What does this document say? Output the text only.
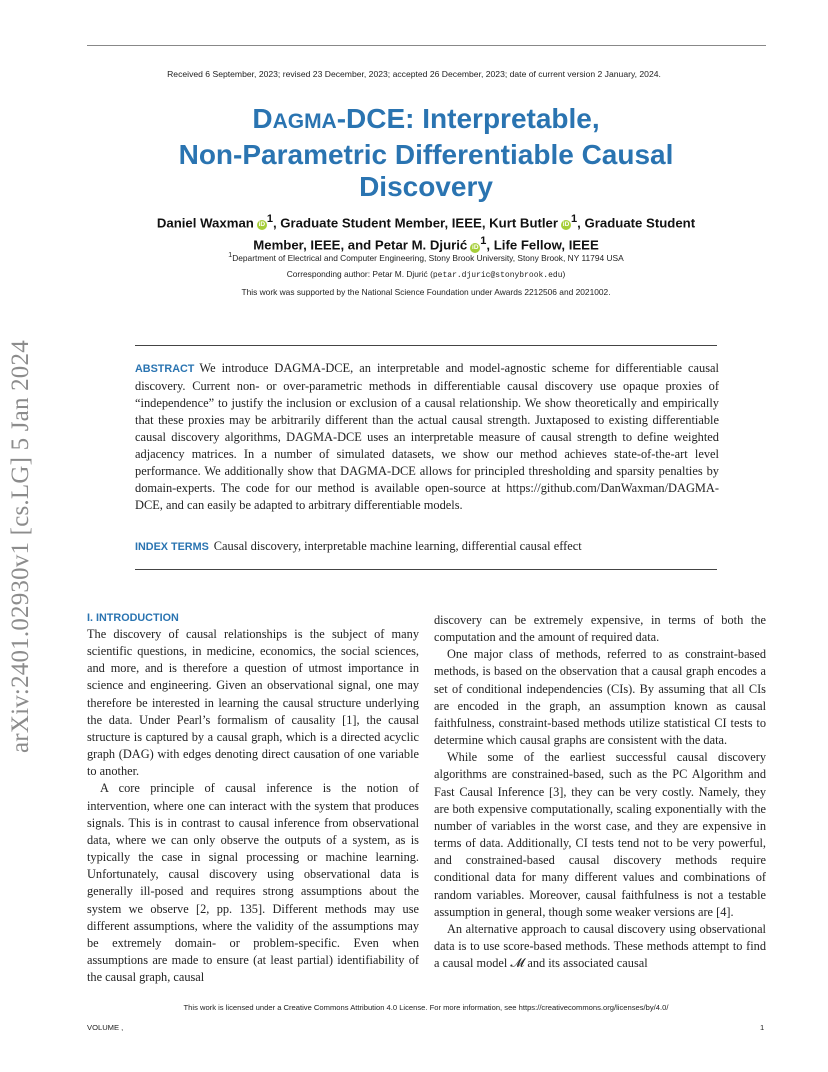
Received 6 September, 2023; revised 23 December, 2023; accepted 26 December, 2023; date of current version 2 January, 2024.
DAGMA-DCE: Interpretable,
Non-Parametric Differentiable Causal
Discovery
Daniel Waxman iD $^1$, Graduate Student Member, IEEE, Kurt Butler iD $^1$, Graduate Student Member, IEEE, and Petar M. Djurić iD $^1$, Life Fellow, IEEE
$^1$Department of Electrical and Computer Engineering, Stony Brook University, Stony Brook, NY 11794 USA
Corresponding author: Petar M. Djurić (petar.djuric@stonybrook.edu)
This work was supported by the National Science Foundation under Awards 2212506 and 2021002.
ABSTRACT We introduce DAGMA-DCE, an interpretable and model-agnostic scheme for differentiable causal discovery. Current non- or over-parametric methods in differentiable causal discovery use opaque proxies of “independence” to justify the inclusion or exclusion of a causal relationship. We show theoretically and empirically that these proxies may be arbitrarily different than the actual causal strength. Juxtaposed to existing differentiable causal discovery algorithms, DAGMA-DCE uses an interpretable measure of causal strength to define weighted adjacency matrices. In a number of simulated datasets, we show our method achieves state-of-the-art level performance. We additionally show that DAGMA-DCE allows for principled thresholding and sparsity penalties by domain-experts. The code for our method is available open-source at https://github.com/DanWaxman/DAGMA-DCE, and can easily be adapted to arbitrary differentiable models.
INDEX TERMS Causal discovery, interpretable machine learning, differential causal effect
arXiv:2401.02930v1 [cs.LG] 5 Jan 2024	I. INTRODUCTION

The discovery of causal relationships is the subject of many scientific questions, in medicine, economics, the social sciences, and more, and is therefore a question of utmost importance in science and engineering. Given an observational signal, one may therefore be interested in learning the causal structure underlying the data. Under Pearl’s formalism of causality [1], the causal structure is captured by a causal graph, which is a directed acyclic graph (DAG) with edges denoting direct causation of one variable to another.

A core principle of causal inference is the notion of intervention, where one can interact with the system that produces signals. This is in contrast to causal inference from observational data, where we can only observe the outputs of a system, as is typically the case in signal processing or machine learning. Unfortunately, causal discovery using observational data is generally ill-posed and requires strong assumptions about the system we observe [2, pp. 135]. Different methods may use different assumptions, where the validity of the assumptions may be extremely domain- or problem-specific. Even when assumptions are made to ensure (at least partial) identifiability of the causal graph, causal

discovery can be extremely expensive, in terms of both the computation and the amount of required data.

One major class of methods, referred to as constraint-based methods, is based on the observation that a causal graph encodes a set of conditional independencies (CIs). By assuming that all CIs are encoded in the graph, an assumption known as causal faithfulness, constraint-based methods utilize statistical CI tests to determine which causal graphs are consistent with the data.

While some of the earliest successful causal discovery algorithms are constrained-based, such as the PC Algorithm and Fast Causal Inference [3], they can be very costly. Namely, they are both expensive computationally, scaling exponentially with the number of variables in the worst case, and they are expensive in terms of data. Additionally, CI tests tend not to be very powerful, and constrained-based causal discovery methods require conditional data for many different values and combinations of random variables. Moreover, causal faithfulness is not a testable assumption in general, though some weaker versions are [4].

An alternative approach to causal discovery using observational data is to use score-based methods. These methods attempt to find a causal model 𝓜 and its associated causal

This work is licensed under a Creative Commons Attribution 4.0 License. For more information, see https://creativecommons.org/licenses/by/4.0/
VOLUME ,	1
